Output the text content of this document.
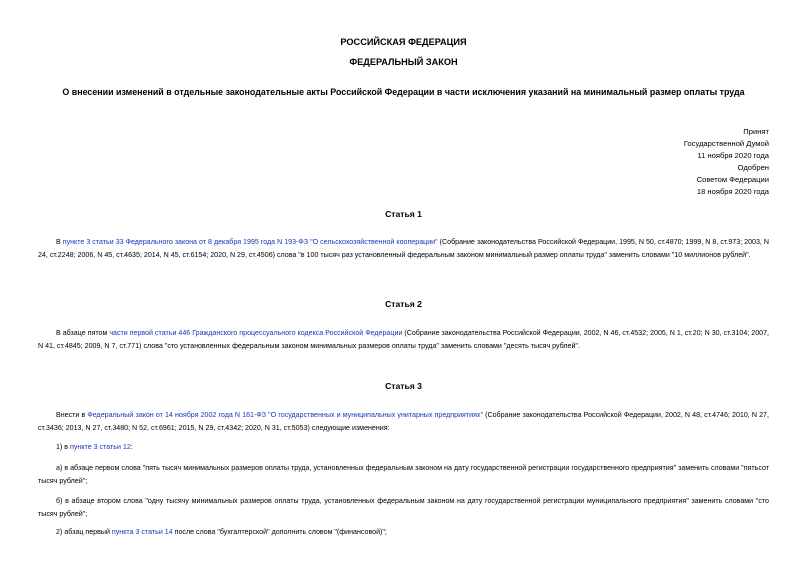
РОССИЙСКАЯ ФЕДЕРАЦИЯ
ФЕДЕРАЛЬНЫЙ ЗАКОН
О внесении изменений в отдельные законодательные акты Российской Федерации в части исключения указаний на минимальный размер оплаты труда
Принят
Государственной Думой
11 ноября 2020 года
Одобрен
Советом Федерации
18 ноября 2020 года
Статья 1
В пункте 3 статьи 33 Федерального закона от 8 декабря 1995 года N 193-ФЗ "О сельскохозяйственной кооперации" (Собрание законодательства Российской Федерации, 1995, N 50, ст.4870; 1999, N 8, ст.973; 2003, N 24, ст.2248; 2006, N 45, ст.4635; 2014, N 45, ст.6154; 2020, N 29, ст.4506) слова "в 100 тысяч раз установленный федеральным законом минимальный размер оплаты труда" заменить словами "10 миллионов рублей".
Статья 2
В абзаце пятом части первой статьи 446 Гражданского процессуального кодекса Российской Федерации (Собрание законодательства Российской Федерации, 2002, N 46, ст.4532; 2005, N 1, ст.20; N 30, ст.3104; 2007, N 41, ст.4845; 2009, N 7, ст.771) слова "сто установленных федеральным законом минимальных размеров оплаты труда" заменить словами "десять тысяч рублей".
Статья 3
Внести в Федеральный закон от 14 ноября 2002 года N 161-ФЗ "О государственных и муниципальных унитарных предприятиях" (Собрание законодательства Российской Федерации, 2002, N 48, ст.4746; 2010, N 27, ст.3436; 2013, N 27, ст.3480; N 52, ст.6961; 2015, N 29, ст.4342; 2020, N 31, ст.5053) следующие изменения:
1) в пункте 3 статьи 12:
а) в абзаце первом слова "пять тысяч минимальных размеров оплаты труда, установленных федеральным законом на дату государственной регистрации государственного предприятия" заменить словами "пятьсот тысяч рублей";
б) в абзаце втором слова "одну тысячу минимальных размеров оплаты труда, установленных федеральным законом на дату государственной регистрации муниципального предприятия" заменить словами "сто тысяч рублей";
2) абзац первый пункта 3 статьи 14 после слова "бухгалтерской" дополнить словом "(финансовой)";
